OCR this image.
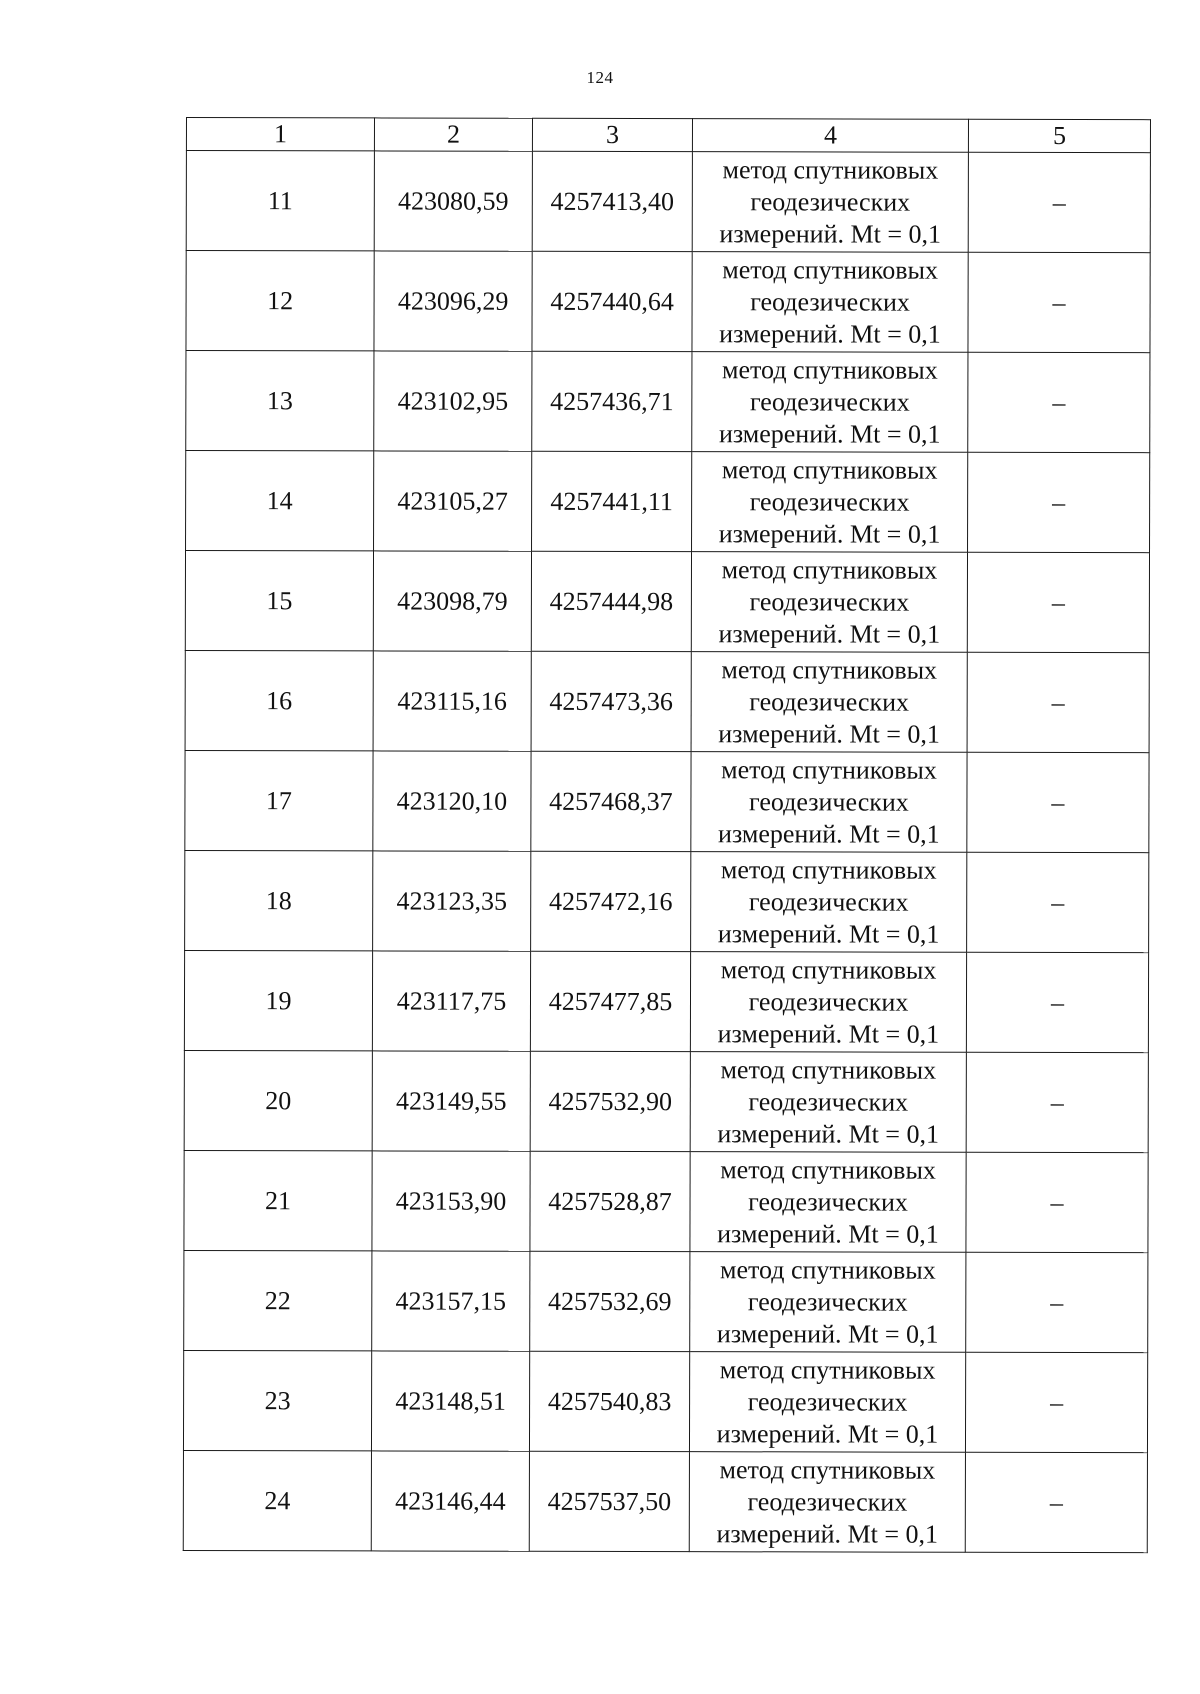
124
1	2	3	4	5
11	423080,59	4257413,40	метод спутниковых
геодезических
измерений. Mt = 0,1	–
12	423096,29	4257440,64	метод спутниковых
геодезических
измерений. Mt = 0,1	–
13	423102,95	4257436,71	метод спутниковых
геодезических
измерений. Mt = 0,1	–
14	423105,27	4257441,11	метод спутниковых
геодезических
измерений. Mt = 0,1	–
15	423098,79	4257444,98	метод спутниковых
геодезических
измерений. Mt = 0,1	–
16	423115,16	4257473,36	метод спутниковых
геодезических
измерений. Mt = 0,1	–
17	423120,10	4257468,37	метод спутниковых
геодезических
измерений. Mt = 0,1	–
18	423123,35	4257472,16	метод спутниковых
геодезических
измерений. Mt = 0,1	–
19	423117,75	4257477,85	метод спутниковых
геодезических
измерений. Mt = 0,1	–
20	423149,55	4257532,90	метод спутниковых
геодезических
измерений. Mt = 0,1	–
21	423153,90	4257528,87	метод спутниковых
геодезических
измерений. Mt = 0,1	–
22	423157,15	4257532,69	метод спутниковых
геодезических
измерений. Mt = 0,1	–
23	423148,51	4257540,83	метод спутниковых
геодезических
измерений. Mt = 0,1	–
24	423146,44	4257537,50	метод спутниковых
геодезических
измерений. Mt = 0,1	–
